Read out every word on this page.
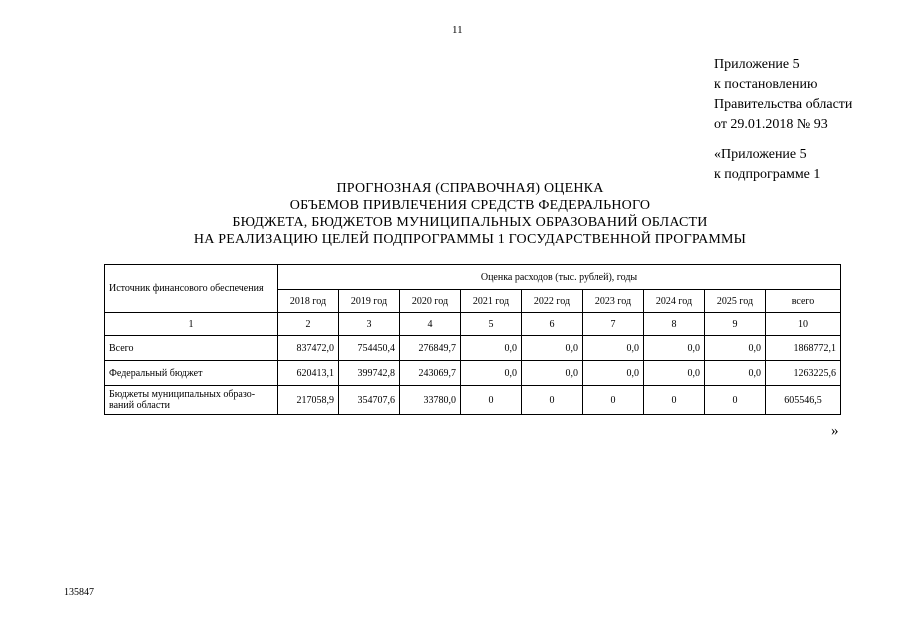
11
Приложение 5
к постановлению
Правительства области
от 29.01.2018 № 93
«Приложение 5
к подпрограмме 1
ПРОГНОЗНАЯ (СПРАВОЧНАЯ) ОЦЕНКА
ОБЪЕМОВ ПРИВЛЕЧЕНИЯ СРЕДСТВ ФЕДЕРАЛЬНОГО
БЮДЖЕТА, БЮДЖЕТОВ МУНИЦИПАЛЬНЫХ ОБРАЗОВАНИЙ ОБЛАСТИ
НА РЕАЛИЗАЦИЮ ЦЕЛЕЙ ПОДПРОГРАММЫ 1 ГОСУДАРСТВЕННОЙ ПРОГРАММЫ
Источник финансового обеспечения	Оценка расходов (тыс. рублей), годы								
	2018 год	2019 год	2020 год	2021 год	2022 год	2023 год	2024 год	2025 год	всего
1	2	3	4	5	6	7	8	9	10
Всего	837472,0	754450,4	276849,7	0,0	0,0	0,0	0,0	0,0	1868772,1
Федеральный бюджет	620413,1	399742,8	243069,7	0,0	0,0	0,0	0,0	0,0	1263225,6
Бюджеты муниципальных образо-ваний области	217058,9	354707,6	33780,0	0	0	0	0	0	605546,5
»
135847
